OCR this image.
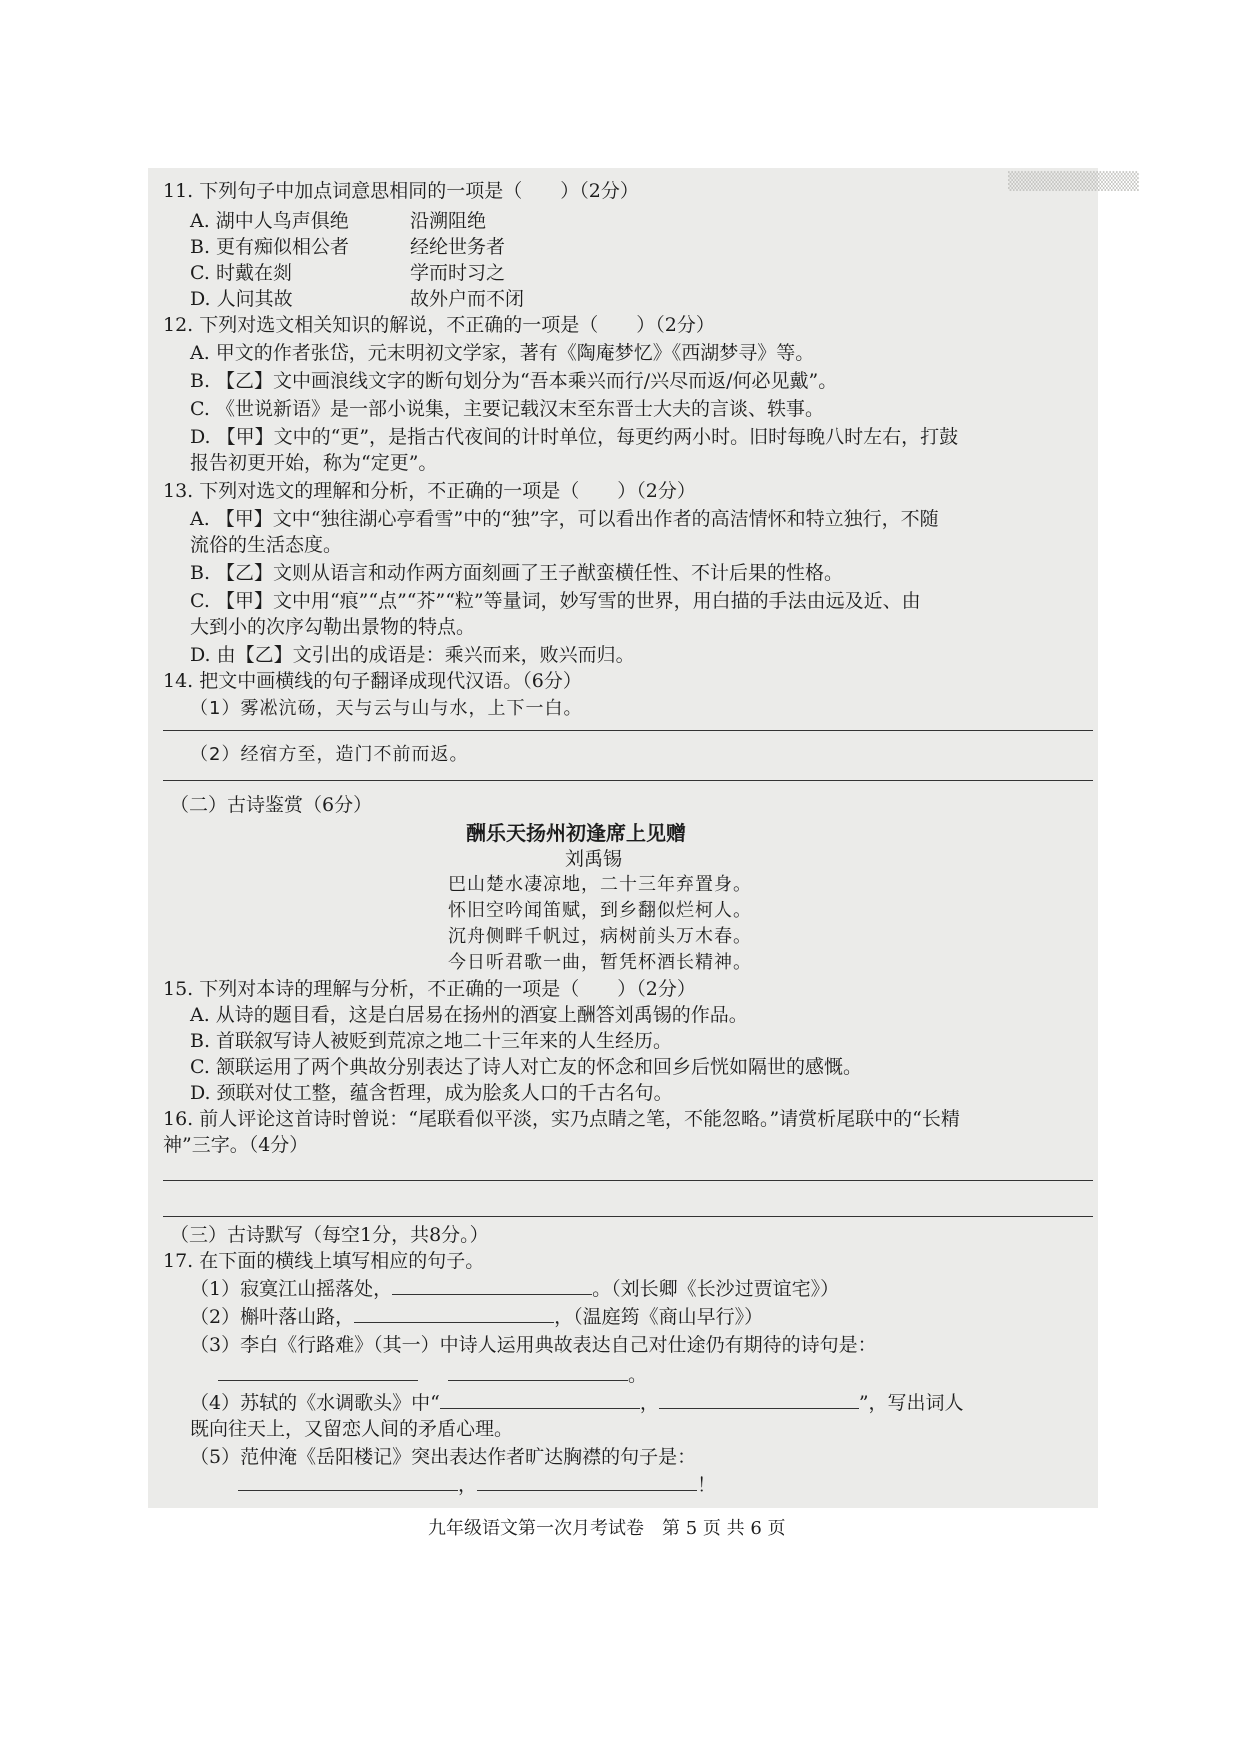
▒▒▒▒▒▒▒▒▒▒
11. 下列句子中加点词意思相同的一项是（　　）（2分）
A. 湖中人鸟声俱绝	沿溯阻绝
B. 更有痴似相公者	经纶世务者
C. 时戴在剡	学而时习之
D. 人问其故	故外户而不闭
12. 下列对选文相关知识的解说，不正确的一项是（　　）（2分）
A. 甲文的作者张岱，元末明初文学家，著有《陶庵梦忆》《西湖梦寻》等。
B. 【乙】文中画浪线文字的断句划分为“吾本乘兴而行/兴尽而返/何必见戴”。
C. 《世说新语》是一部小说集，主要记载汉末至东晋士大夫的言谈、轶事。
D. 【甲】文中的“更”，是指古代夜间的计时单位，每更约两小时。旧时每晚八时左右，打鼓
报告初更开始，称为“定更”。
13. 下列对选文的理解和分析，不正确的一项是（　　）（2分）
A. 【甲】文中“独往湖心亭看雪”中的“独”字，可以看出作者的高洁情怀和特立独行，不随
流俗的生活态度。
B. 【乙】文则从语言和动作两方面刻画了王子猷蛮横任性、不计后果的性格。
C. 【甲】文中用“痕”“点”“芥”“粒”等量词，妙写雪的世界，用白描的手法由远及近、由
大到小的次序勾勒出景物的特点。
D. 由【乙】文引出的成语是：乘兴而来，败兴而归。
14. 把文中画横线的句子翻译成现代汉语。（6分）
（1）雾凇沆砀，天与云与山与水，上下一白。
（2）经宿方至，造门不前而返。
（二）古诗鉴赏（6分）
酬乐天扬州初逢席上见赠
刘禹锡
巴山楚水凄凉地，二十三年弃置身。
怀旧空吟闻笛赋，到乡翻似烂柯人。
沉舟侧畔千帆过，病树前头万木春。
今日听君歌一曲，暂凭杯酒长精神。
15. 下列对本诗的理解与分析，不正确的一项是（　　）（2分）
A. 从诗的题目看，这是白居易在扬州的酒宴上酬答刘禹锡的作品。
B. 首联叙写诗人被贬到荒凉之地二十三年来的人生经历。
C. 颔联运用了两个典故分别表达了诗人对亡友的怀念和回乡后恍如隔世的感慨。
D. 颈联对仗工整，蕴含哲理，成为脍炙人口的千古名句。
16. 前人评论这首诗时曾说：“尾联看似平淡，实乃点睛之笔，不能忽略。”请赏析尾联中的“长精
神”三字。（4分）
（三）古诗默写（每空1分，共8分。）
17. 在下面的横线上填写相应的句子。
（1）寂寞江山摇落处，	。（刘长卿《长沙过贾谊宅》）
（2）槲叶落山路，	，（温庭筠《商山早行》）
（3）李白《行路难》（其一）中诗人运用典故表达自己对仕途仍有期待的诗句是：
。
（4）苏轼的《水调歌头》中“	，	”，写出词人
既向往天上，又留恋人间的矛盾心理。
（5）范仲淹《岳阳楼记》突出表达作者旷达胸襟的句子是：
，	！
九年级语文第一次月考试卷　第 5 页 共 6 页
